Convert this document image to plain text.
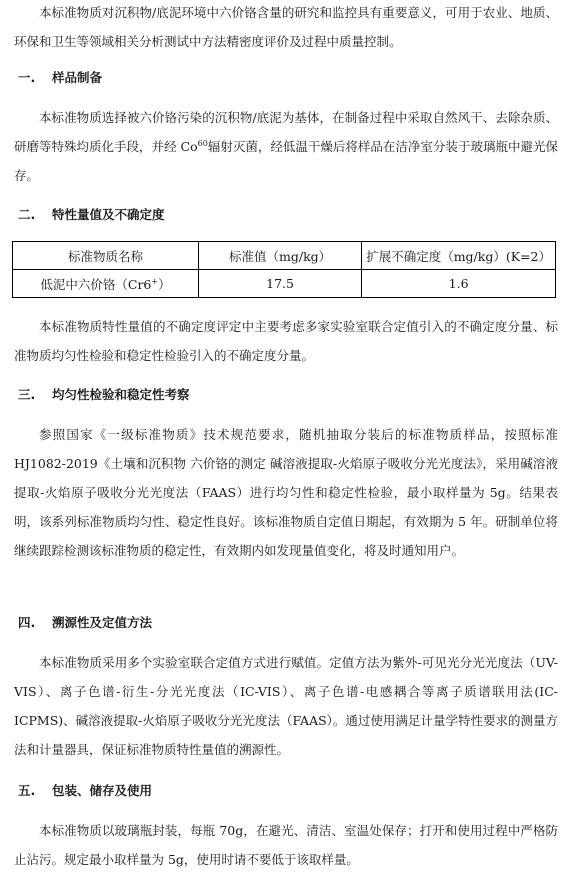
本标准物质对沉积物/底泥环境中六价铬含量的研究和监控具有重要意义，可用于农业、地质、环保和卫生等领域相关分析测试中方法精密度评价及过程中质量控制。

一. 样品制备

本标准物质选择被六价铬污染的沉积物/底泥为基体，在制备过程中采取自然风干、去除杂质、研磨等特殊均质化手段，并经 Co$^{60}$辐射灭菌，经低温干燥后将样品在洁净室分装于玻璃瓶中避光保存。

二. 特性量值及不确定度
标准物质名称	标准值（mg/kg）	扩展不确定度（mg/kg）(K=2）
低泥中六价铬（Cr6+）	17.5	1.6

本标准物质特性量值的不确定度评定中主要考虑多家实验室联合定值引入的不确定度分量、标准物质均匀性检验和稳定性检验引入的不确定度分量。

三. 均匀性检验和稳定性考察

参照国家《一级标准物质》技术规范要求，随机抽取分装后的标准物质样品，按照标准 HJ1082-2019《土壤和沉积物 六价铬的测定 碱溶液提取-火焰原子吸收分光光度法》，采用碱溶液提取-火焰原子吸收分光光度法（FAAS）进行均匀性和稳定性检验，最小取样量为 5g。结果表明，该系列标准物质均匀性、稳定性良好。该标准物质自定值日期起，有效期为 5 年。研制单位将继续跟踪检测该标准物质的稳定性，有效期内如发现量值变化，将及时通知用户。

四. 溯源性及定值方法

本标准物质采用多个实验室联合定值方式进行赋值。定值方法为紫外-可见光分光光度法（UV-VIS）、离子色谱-衍生-分光光度法（IC-VIS）、离子色谱-电感耦合等离子质谱联用法(IC-ICPMS)、碱溶液提取-火焰原子吸收分光光度法（FAAS）。通过使用满足计量学特性要求的测量方法和计量器具，保证标准物质特性量值的溯源性。

五. 包装、储存及使用

本标准物质以玻璃瓶封装，每瓶 70g，在避光、清洁、室温处保存；打开和使用过程中严格防止沾污。规定最小取样量为 5g，使用时请不要低于该取样量。
